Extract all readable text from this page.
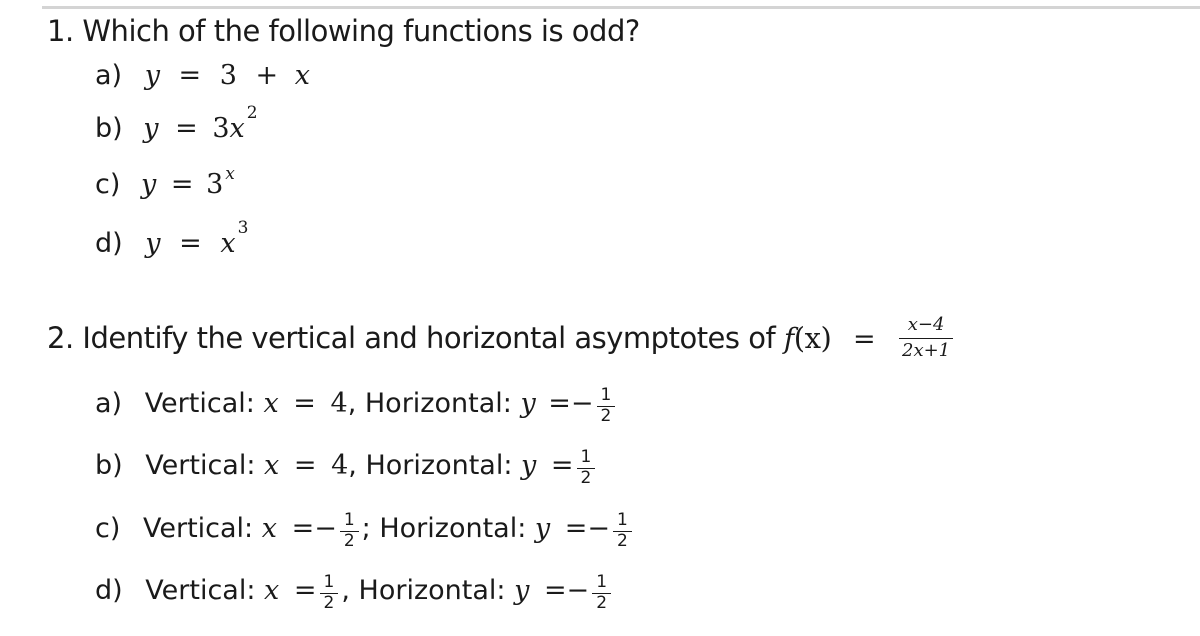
1. Which of the following functions is odd?
a) y = 3 + x
b) y = 3x $^2$
c) y = 3 $^x$
d) y = x $^3$
2. Identify the vertical and horizontal asymptotes of $f(x) = \frac{x-4}{2x+1}$
a) Vertical: x = 4, Horizontal: $y =- \frac{1}{2}$
b) Vertical: x = 4, Horizontal: $y = \frac{1}{2}$
c) Vertical: $x =- \frac{1}{2}$ ; Horizontal: $y =- \frac{1}{2}$
d) Vertical: $x = \frac{1}{2}$ , Horizontal: $y =- \frac{1}{2}$
